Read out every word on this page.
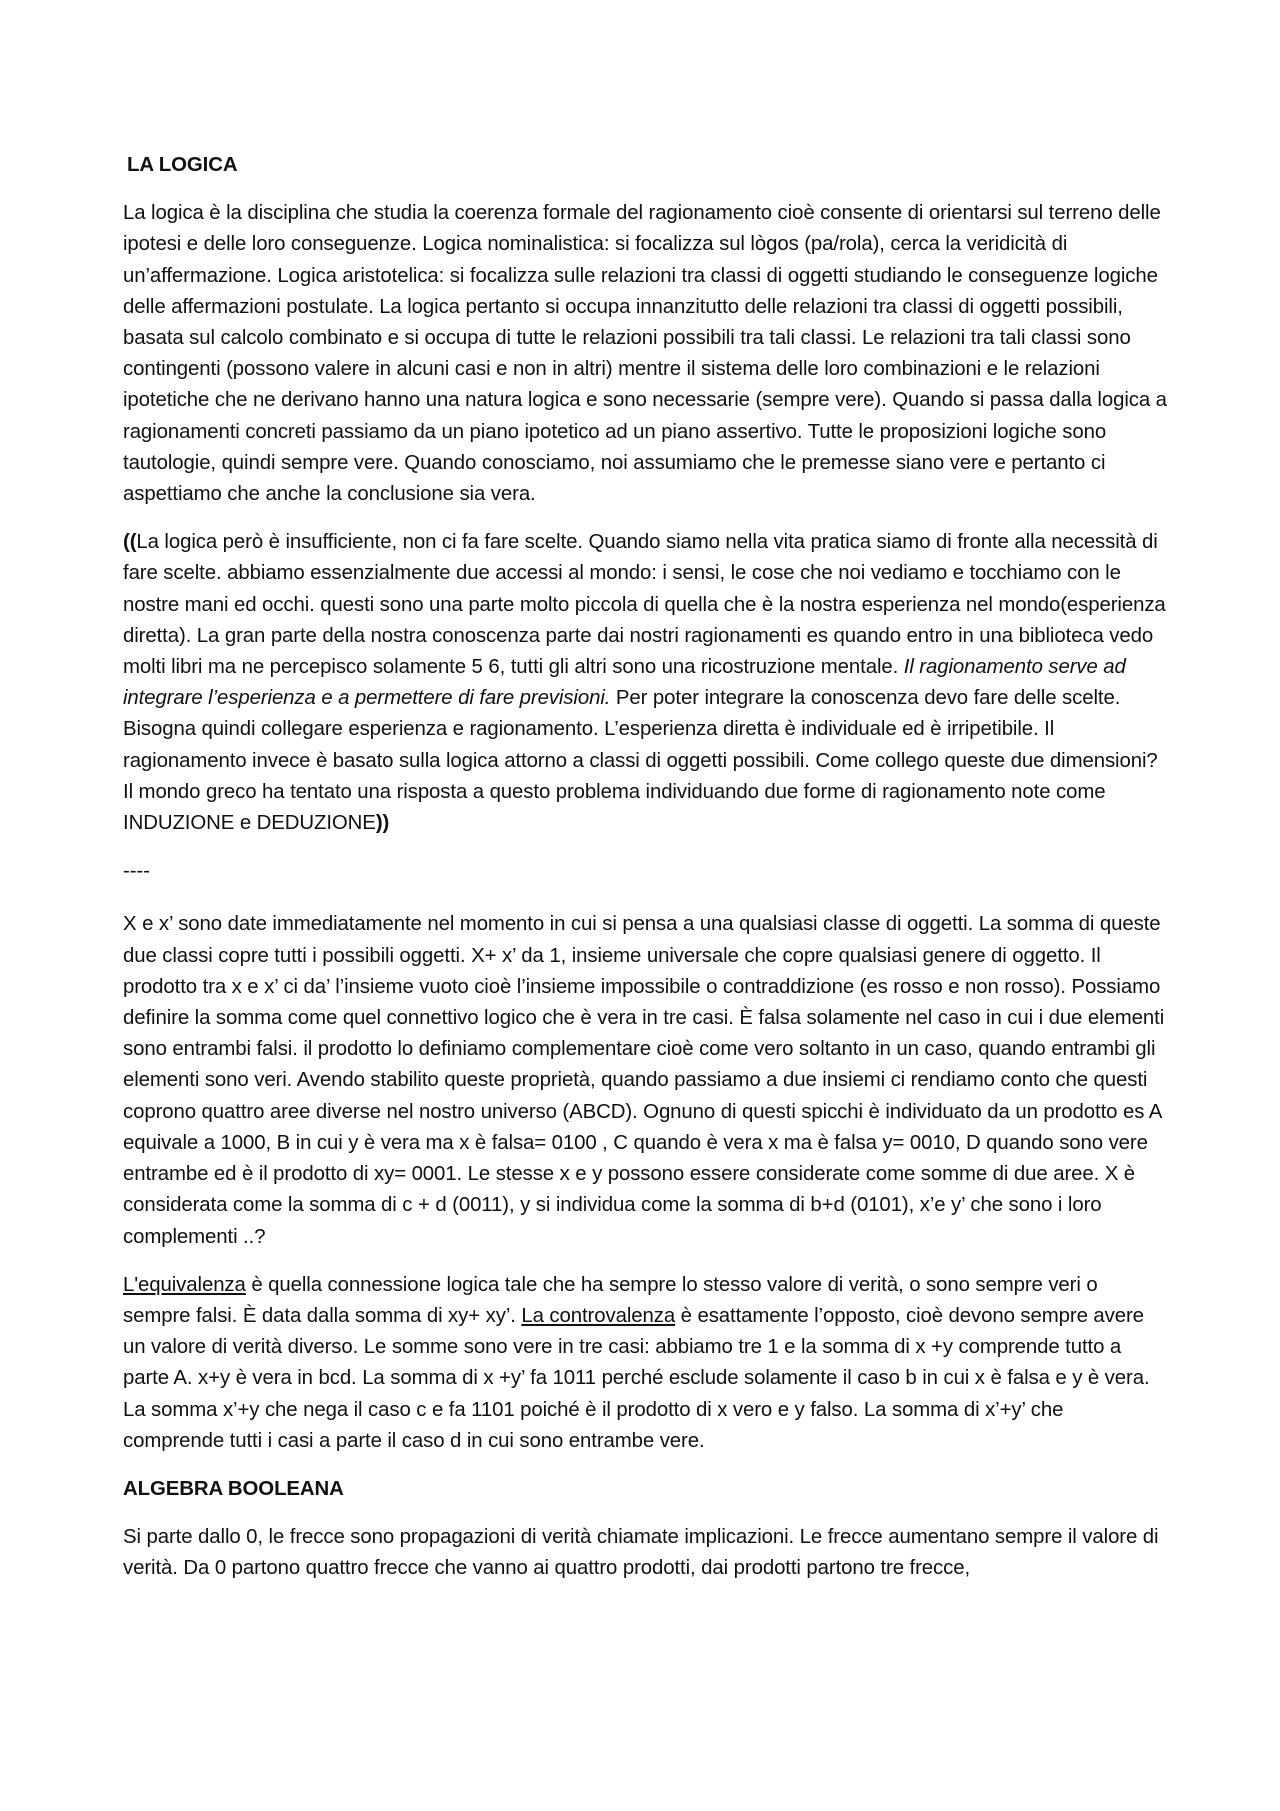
LA LOGICA

La logica è la disciplina che studia la coerenza formale del ragionamento cioè consente di orientarsi sul terreno delle ipotesi e delle loro conseguenze. Logica nominalistica: si focalizza sul lògos (pa/rola), cerca la veridicità di un’affermazione. Logica aristotelica: si focalizza sulle relazioni tra classi di oggetti studiando le conseguenze logiche delle affermazioni postulate. La logica pertanto si occupa innanzitutto delle relazioni tra classi di oggetti possibili, basata sul calcolo combinato e si occupa di tutte le relazioni possibili tra tali classi. Le relazioni tra tali classi sono contingenti (possono valere in alcuni casi e non in altri) mentre il sistema delle loro combinazioni e le relazioni ipotetiche che ne derivano hanno una natura logica e sono necessarie (sempre vere). Quando si passa dalla logica a ragionamenti concreti passiamo da un piano ipotetico ad un piano assertivo. Tutte le proposizioni logiche sono tautologie, quindi sempre vere. Quando conosciamo, noi assumiamo che le premesse siano vere e pertanto ci aspettiamo che anche la conclusione sia vera.

((La logica però è insufficiente, non ci fa fare scelte. Quando siamo nella vita pratica siamo di fronte alla necessità di fare scelte. abbiamo essenzialmente due accessi al mondo: i sensi, le cose che noi vediamo e tocchiamo con le nostre mani ed occhi. questi sono una parte molto piccola di quella che è la nostra esperienza nel mondo(esperienza diretta). La gran parte della nostra conoscenza parte dai nostri ragionamenti es quando entro in una biblioteca vedo molti libri ma ne percepisco solamente 5 6, tutti gli altri sono una ricostruzione mentale. Il ragionamento serve ad integrare l’esperienza e a permettere di fare previsioni. Per poter integrare la conoscenza devo fare delle scelte. Bisogna quindi collegare esperienza e ragionamento. L’esperienza diretta è individuale ed è irripetibile. Il ragionamento invece è basato sulla logica attorno a classi di oggetti possibili. Come collego queste due dimensioni? Il mondo greco ha tentato una risposta a questo problema individuando due forme di ragionamento note come INDUZIONE e DEDUZIONE))

----

X e x’ sono date immediatamente nel momento in cui si pensa a una qualsiasi classe di oggetti. La somma di queste due classi copre tutti i possibili oggetti. X+ x’ da 1, insieme universale che copre qualsiasi genere di oggetto. Il prodotto tra x e x’ ci da’ l’insieme vuoto cioè l’insieme impossibile o contraddizione (es rosso e non rosso). Possiamo definire la somma come quel connettivo logico che è vera in tre casi. È falsa solamente nel caso in cui i due elementi sono entrambi falsi. il prodotto lo definiamo complementare cioè come vero soltanto in un caso, quando entrambi gli elementi sono veri. Avendo stabilito queste proprietà, quando passiamo a due insiemi ci rendiamo conto che questi coprono quattro aree diverse nel nostro universo (ABCD). Ognuno di questi spicchi è individuato da un prodotto es A equivale a 1000, B in cui y è vera ma x è falsa= 0100 , C quando è vera x ma è falsa y= 0010, D quando sono vere entrambe ed è il prodotto di xy= 0001. Le stesse x e y possono essere considerate come somme di due aree. X è considerata come la somma di c + d (0011), y si individua come la somma di b+d (0101), x’e y’ che sono i loro complementi ..?

L'equivalenza è quella connessione logica tale che ha sempre lo stesso valore di verità, o sono sempre veri o sempre falsi. È data dalla somma di xy+ xy’. La controvalenza è esattamente l’opposto, cioè devono sempre avere un valore di verità diverso. Le somme sono vere in tre casi: abbiamo tre 1 e la somma di x +y comprende tutto a parte A. x+y è vera in bcd. La somma di x +y’ fa 1011 perché esclude solamente il caso b in cui x è falsa e y è vera. La somma x’+y che nega il caso c e fa 1101 poiché è il prodotto di x vero e y falso. La somma di x’+y’ che comprende tutti i casi a parte il caso d in cui sono entrambe vere.

ALGEBRA BOOLEANA

Si parte dallo 0, le frecce sono propagazioni di verità chiamate implicazioni. Le frecce aumentano sempre il valore di verità. Da 0 partono quattro frecce che vanno ai quattro prodotti, dai prodotti partono tre frecce,
